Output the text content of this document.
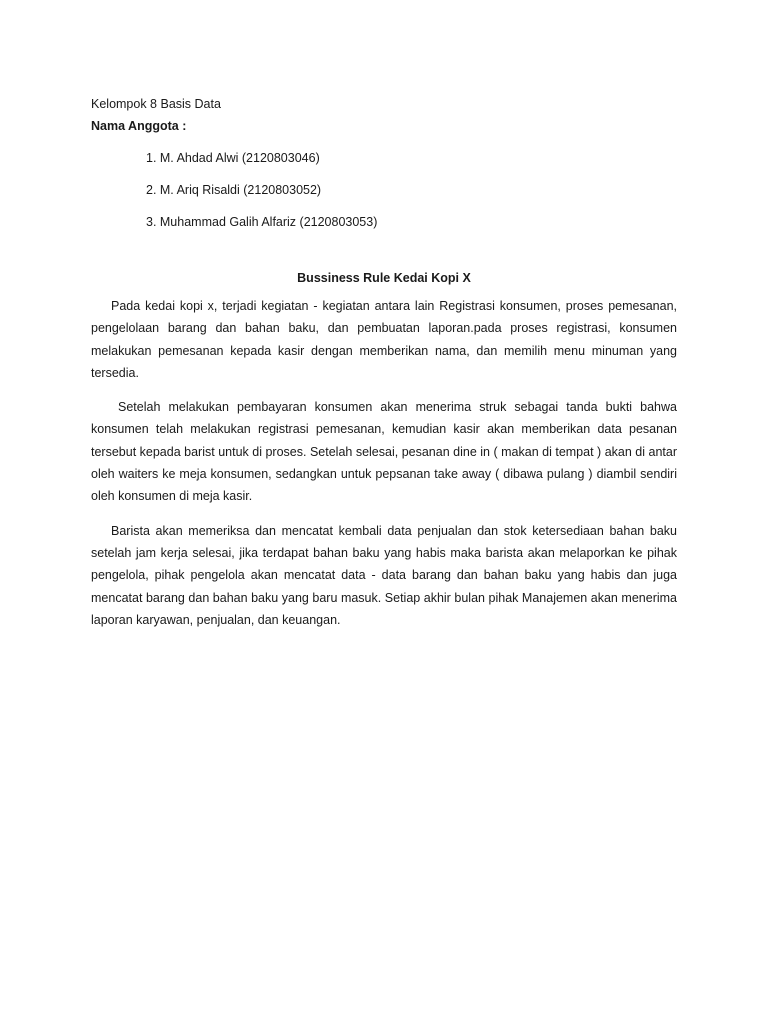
Kelompok 8 Basis Data

Nama Anggota :

1. M. Ahdad Alwi (2120803046)
2. M. Ariq Risaldi (2120803052)
3. Muhammad Galih Alfariz (2120803053)

Bussiness Rule Kedai Kopi X

Pada kedai kopi x, terjadi kegiatan - kegiatan antara lain Registrasi konsumen, proses pemesanan, pengelolaan barang dan bahan baku, dan pembuatan laporan.pada proses registrasi, konsumen melakukan pemesanan kepada kasir dengan memberikan nama, dan memilih menu minuman yang tersedia.

Setelah melakukan pembayaran konsumen akan menerima struk sebagai tanda bukti bahwa konsumen telah melakukan registrasi pemesanan, kemudian kasir akan memberikan data pesanan tersebut kepada barist untuk di proses. Setelah selesai, pesanan dine in ( makan di tempat ) akan di antar oleh waiters ke meja konsumen, sedangkan untuk pepsanan take away ( dibawa pulang ) diambil sendiri oleh konsumen di meja kasir.

Barista akan memeriksa dan mencatat kembali data penjualan dan stok ketersediaan bahan baku setelah jam kerja selesai, jika terdapat bahan baku yang habis maka barista akan melaporkan ke pihak pengelola, pihak pengelola akan mencatat data - data barang dan bahan baku yang habis dan juga mencatat barang dan bahan baku yang baru masuk. Setiap akhir bulan pihak Manajemen akan menerima laporan karyawan, penjualan, dan keuangan.
